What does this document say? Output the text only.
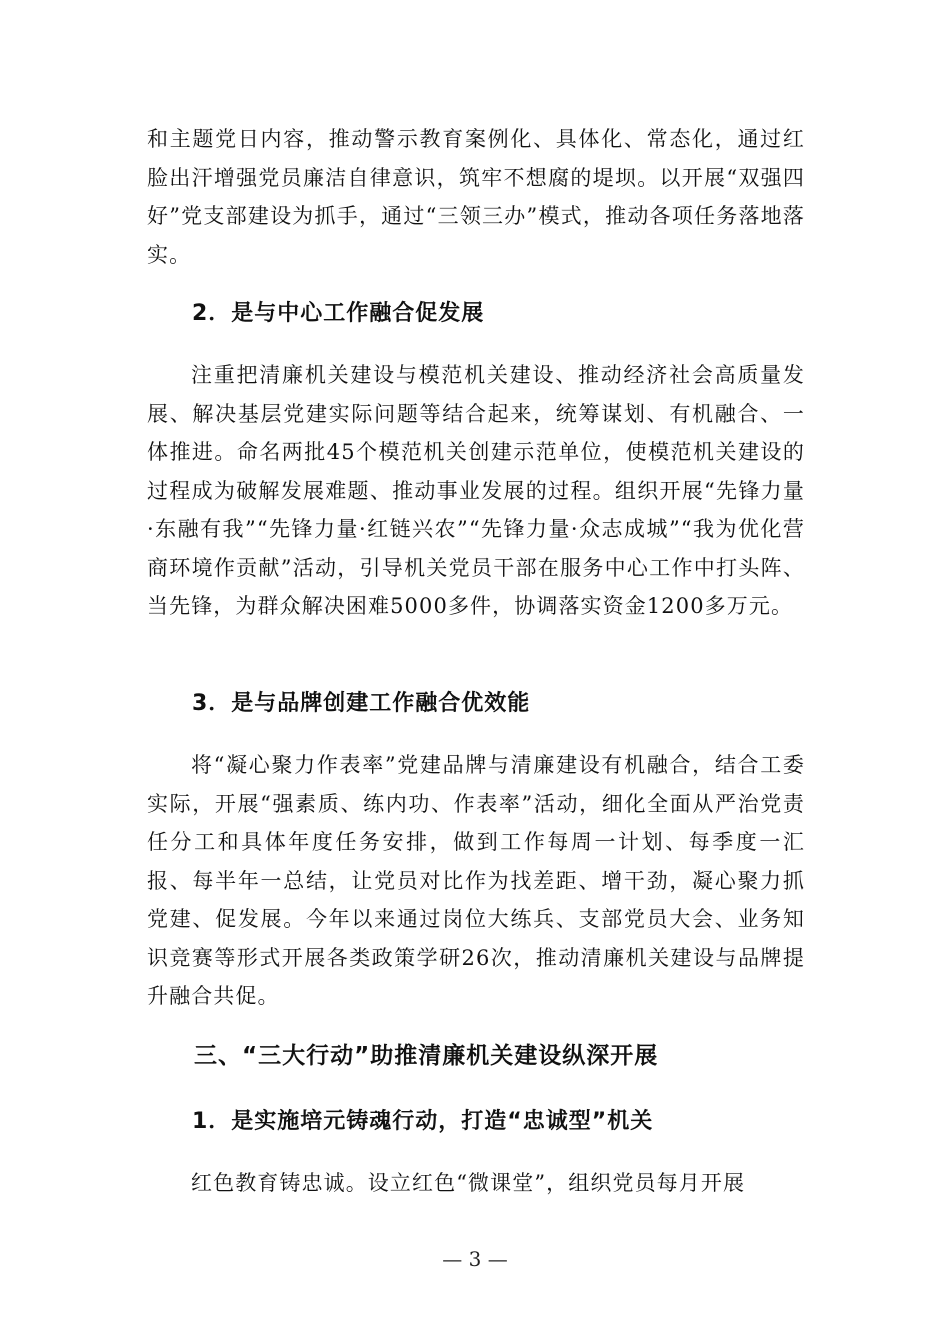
和主题党日内容，推动警示教育案例化、具体化、常态化，通过红脸出汗增强党员廉洁自律意识，筑牢不想腐的堤坝。以开展“双强四好”党支部建设为抓手，通过“三领三办”模式，推动各项任务落地落实。

2．是与中心工作融合促发展

注重把清廉机关建设与模范机关建设、推动经济社会高质量发展、解决基层党建实际问题等结合起来，统筹谋划、有机融合、一体推进。命名两批45个模范机关创建示范单位，使模范机关建设的过程成为破解发展难题、推动事业发展的过程。组织开展“先锋力量·东融有我”“先锋力量·红链兴农”“先锋力量·众志成城”“我为优化营商环境作贡献”活动，引导机关党员干部在服务中心工作中打头阵、当先锋，为群众解决困难5000多件，协调落实资金1200多万元。

3．是与品牌创建工作融合优效能

将“凝心聚力作表率”党建品牌与清廉建设有机融合，结合工委实际，开展“强素质、练内功、作表率”活动，细化全面从严治党责任分工和具体年度任务安排，做到工作每周一计划、每季度一汇报、每半年一总结，让党员对比作为找差距、增干劲，凝心聚力抓党建、促发展。今年以来通过岗位大练兵、支部党员大会、业务知识竞赛等形式开展各类政策学研26次，推动清廉机关建设与品牌提升融合共促。

三、“三大行动”助推清廉机关建设纵深开展
1．是实施培元铸魂行动，打造“忠诚型”机关

红色教育铸忠诚。设立红色“微课堂”，组织党员每月开展

— 3 —
